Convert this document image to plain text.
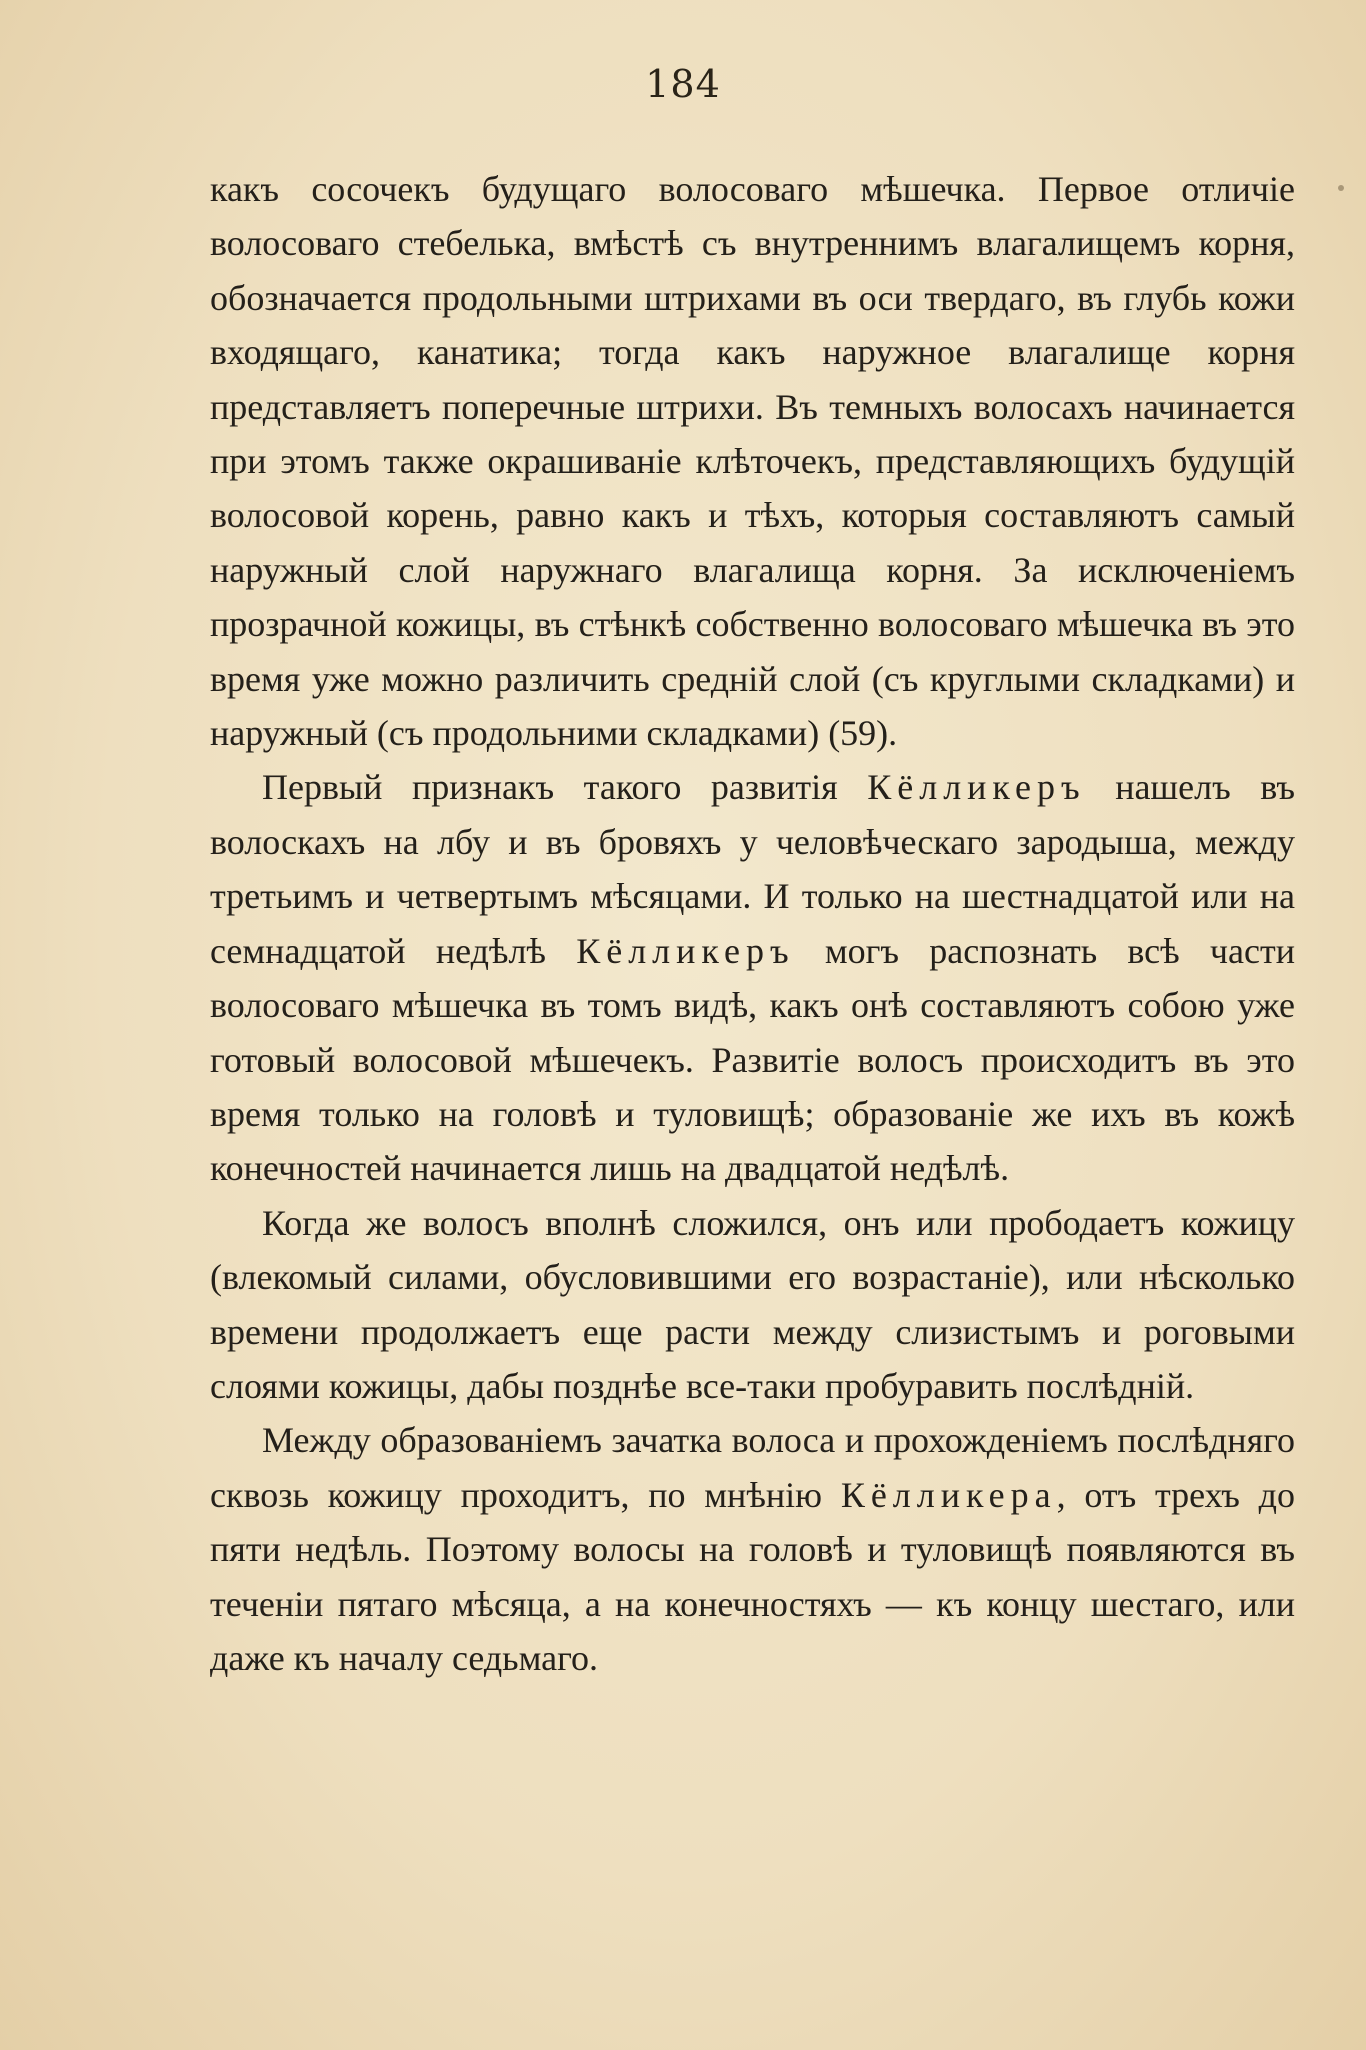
184

какъ сосочекъ будущаго волосоваго мѣшечка. Первое отличіе волосоваго стебелька, вмѣстѣ съ внутреннимъ влагалищемъ корня, обозначается продольными штрихами въ оси твердаго, въ глубь кожи входящаго, канатика; тогда какъ наружное влагалище корня представляетъ поперечные штрихи. Въ темныхъ волосахъ начинается при этомъ также окрашиванiе клѣточекъ, представляющихъ будущiй волосовой корень, равно какъ и тѣхъ, которыя составляютъ самый наружный слой наружнаго влагалища корня. За исключенiемъ прозрачной кожицы, въ стѣнкѣ собственно волосоваго мѣшечка въ это время уже можно различить среднiй слой (съ круглыми складками) и наружный (съ продольними складками) (59).

Первый признакъ такого развитія Кёлликеръ нашелъ въ волоскахъ на лбу и въ бровяхъ у человѣческаго зародыша, между третьимъ и четвертымъ мѣсяцами. И только на шестнадцатой или на семнадцатой недѣлѣ Кёлликеръ могъ распознать всѣ части волосоваго мѣшечка въ томъ видѣ, какъ онѣ составляютъ собою уже готовый волосовой мѣшечекъ. Развитiе волосъ происходитъ въ это время только на головѣ и туловищѣ; образованiе же ихъ въ кожѣ конечностей начинается лишь на двадцатой недѣлѣ.

Когда же волосъ вполнѣ сложился, онъ или прободаетъ кожицу (влекомый силами, обусловившими его возрастанiе), или нѣсколько времени продолжаетъ еще расти между слизистымъ и роговыми слоями кожицы, дабы позднѣе все-таки пробуравить послѣднiй.

Между образованiемъ зачатка волоса и прохожденiемъ послѣдняго сквозь кожицу проходитъ, по мнѣнію Кёлликера, отъ трехъ до пяти недѣль. Поэтому волосы на головѣ и туловищѣ появляются въ теченiи пятаго мѣсяца, а на конечностяхъ — къ концу шестаго, или даже къ началу седьмаго.
